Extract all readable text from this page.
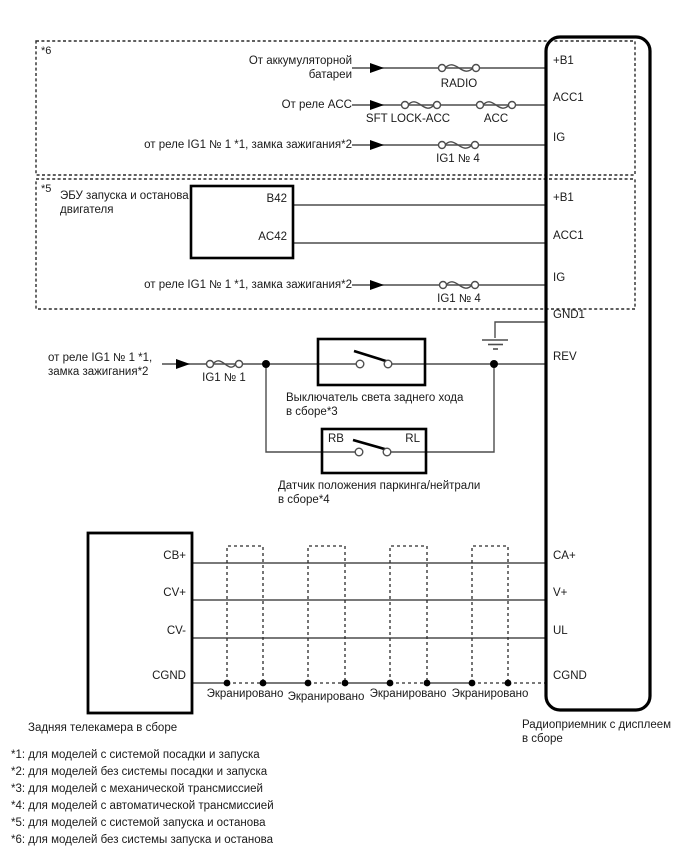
*6
*5
От аккумуляторной
батареи
От реле ACC
от реле IG1 № 1 *1, замка зажигания*2
от реле IG1 № 1 *1, замка зажигания*2
ЭБУ запуска и останова
двигателя
B42
AC42
от реле IG1 № 1 *1,
замка зажигания*2
RADIO
SFT LOCK-ACC	ACC
IG1 № 4
IG1 № 4
IG1 № 1
Выключатель света заднего хода
в сборе*3
RB	RL
Датчик положения паркинга/нейтрали
в сборе*4
CB+
CV+
CV-
CGND
Задняя телекамера в сборе
Экранировано Экранировано Экранировано Экранировано
+B1
ACC1
IG
+B1
ACC1
IG
GND1
REV
CA+
V+
UL
CGND
Радиоприемник с дисплеем
в сборе
*1: для моделей с системой посадки и запуска
*2: для моделей без системы посадки и запуска
*3: для моделей с механической трансмиссией
*4: для моделей с автоматической трансмиссией
*5: для моделей с системой запуска и останова
*6: для моделей без системы запуска и останова
